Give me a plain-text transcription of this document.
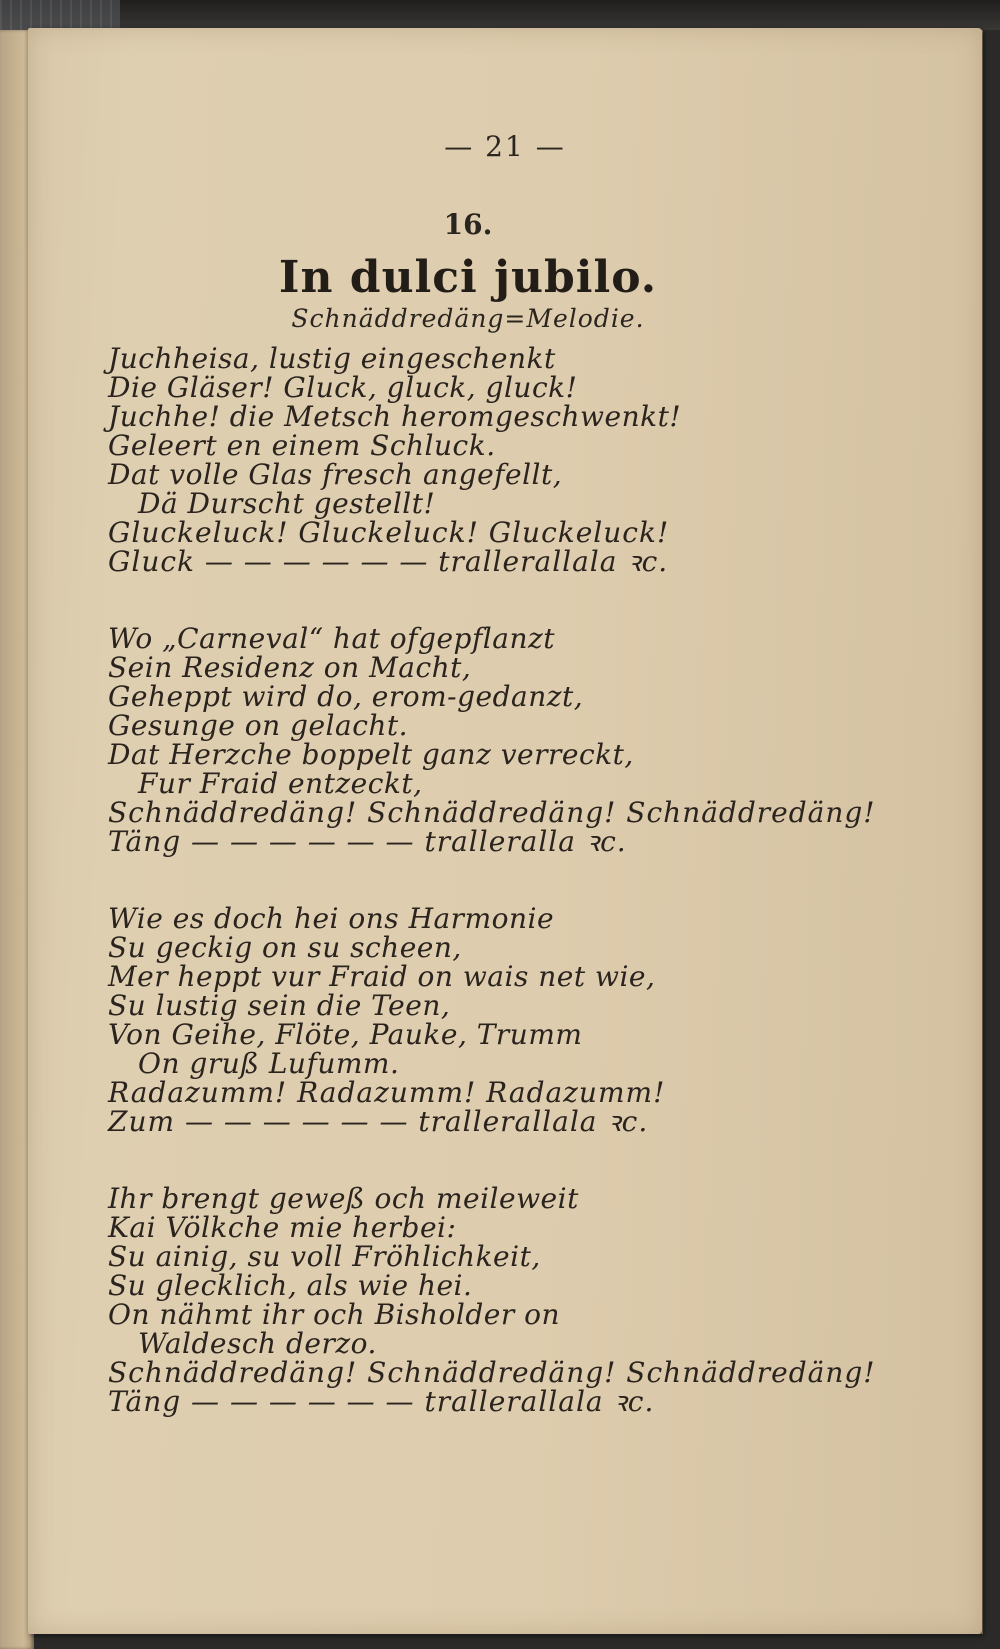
— 21 —
16.
In dulci jubilo.
Schnäddredäng=Melodie.
Juchheisa, lustig eingeschenkt
Die Gläser! Gluck, gluck, gluck!
Juchhe! die Metsch heromgeschwenkt!
Geleert en einem Schluck.
Dat volle Glas fresch angefellt,
Dä Durscht gestellt!
Gluckeluck! Gluckeluck! Gluckeluck!
Gluck — — — — — — trallerallala ꝛc.
Wo „Carneval“ hat ofgepflanzt
Sein Residenz on Macht,
Geheppt wird do, erom-gedanzt,
Gesunge on gelacht.
Dat Herzche boppelt ganz verreckt,
Fur Fraid entzeckt,
Schnäddredäng! Schnäddredäng! Schnäddredäng!
Täng — — — — — — trallerallа ꝛc.
Wie es doch hei ons Harmonie
Su geckig on su scheen,
Mer heppt vur Fraid on wais net wie,
Su lustig sein die Teen,
Von Geihe, Flöte, Pauke, Trumm
On gruß Lufumm.
Radazumm! Radazumm! Radazumm!
Zum — — — — — — trallerallala ꝛc.
Ihr brengt geweß och meileweit
Kai Völkche mie herbei:
Su ainig, su voll Fröhlichkeit,
Su glecklich, als wie hei.
On nähmt ihr och Bisholder on
Waldesch derzo.
Schnäddredäng! Schnäddredäng! Schnäddredäng!
Täng — — — — — — trallerallala ꝛc.
